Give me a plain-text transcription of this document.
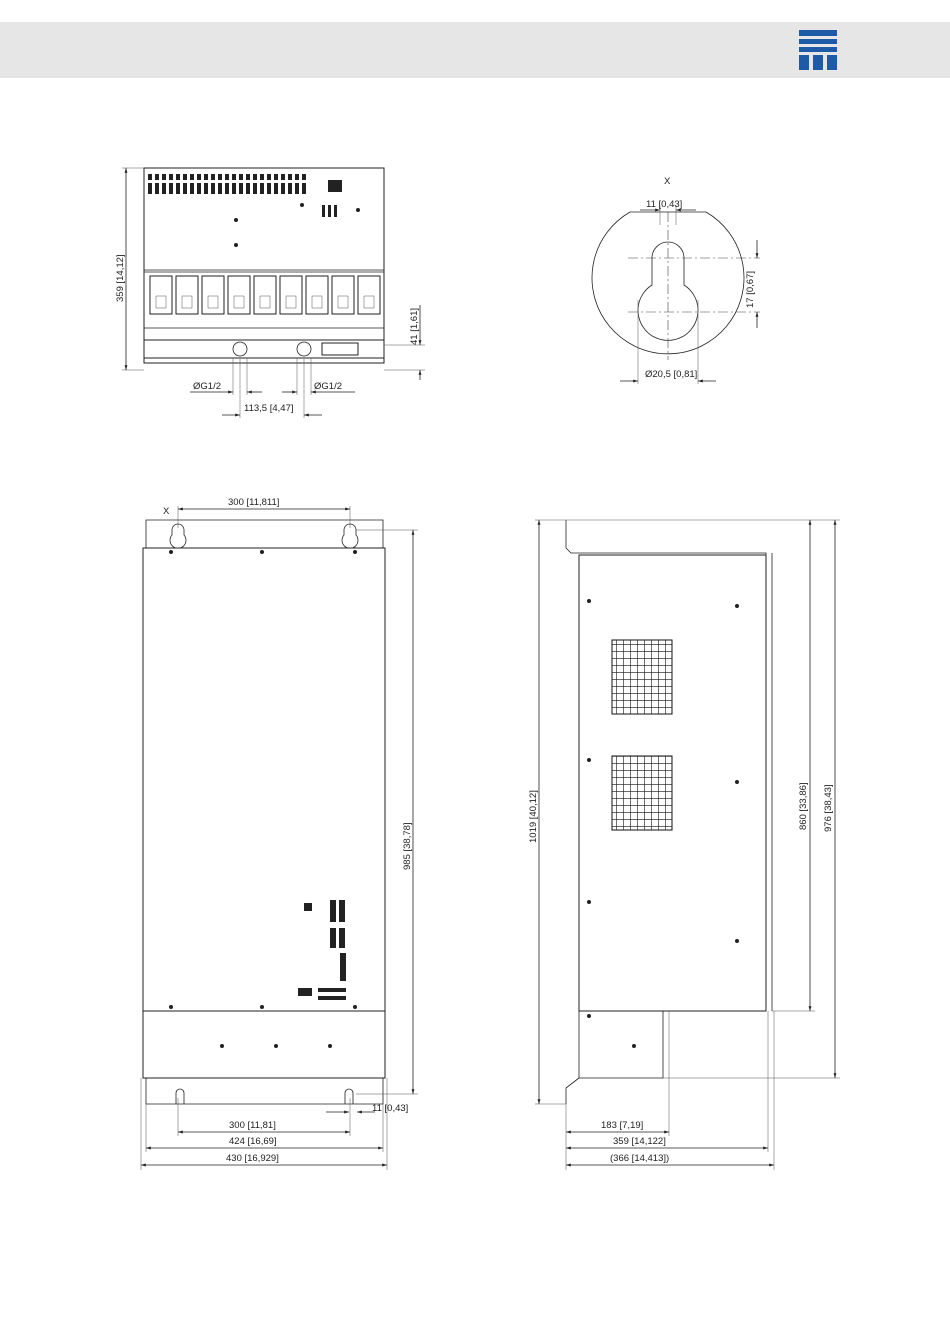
359 [14,12]
41 [1,61]
ØG1/2	ØG1/2
113,5 [4,47]
X
11 [0,43]
17 [0,67]
Ø20,5 [0,81]
300 [11,811]
X
985 [38,78]
11 [0,43]
300 [11,81]
424 [16,69]
430 [16,929]
1019 [40,12]
860 [33,86]
976 [38,43]
183 [7,19]
359 [14,122]
(366 [14,413])
